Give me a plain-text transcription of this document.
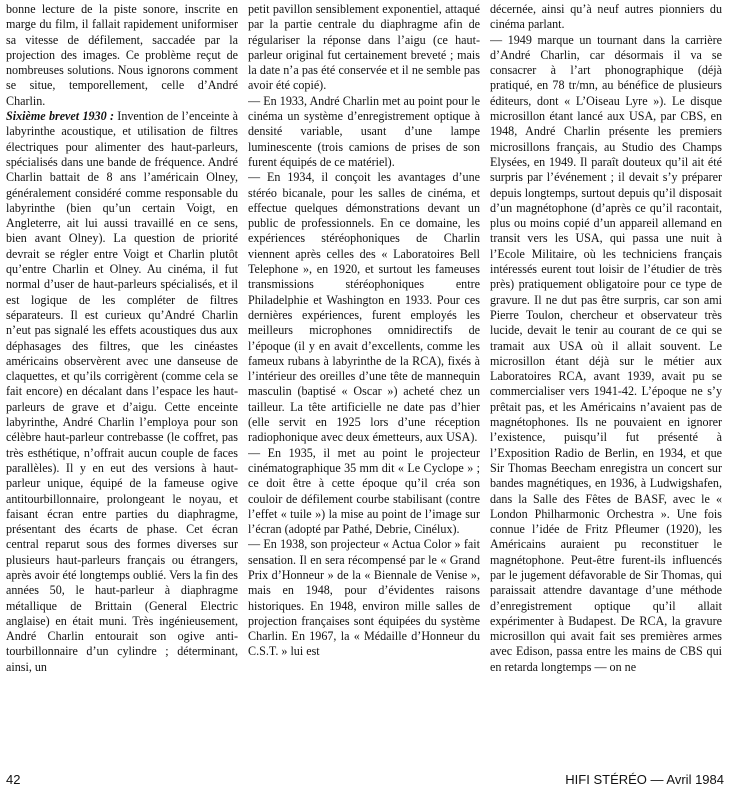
bonne lecture de la piste sonore, inscrite en marge du film, il fallait rapidement uniformiser sa vitesse de défilement, saccadée par la projection des images. Ce problème reçut de nombreuses solutions. Nous ignorons comment se situe, temporellement, celle d’André Charlin.

Sixième brevet 1930 : Invention de l’enceinte à labyrinthe acoustique, et utilisation de filtres électriques pour alimenter des haut-parleurs, spécialisés dans une bande de fréquence. André Charlin battait de 8 ans l’américain Olney, généralement considéré comme responsable du labyrinthe (bien qu’un certain Voigt, en Angleterre, ait lui aussi travaillé en ce sens, bien avant Olney). La question de priorité devrait se régler entre Voigt et Charlin plutôt qu’entre Charlin et Olney. Au cinéma, il fut normal d’user de haut-parleurs spécialisés, et il est logique de les compléter de filtres séparateurs. Il est curieux qu’André Charlin n’eut pas signalé les effets acoustiques dus aux déphasages des filtres, que les cinéastes américains observèrent avec une danseuse de claquettes, et qu’ils corrigèrent (comme cela se fait encore) en décalant dans l’espace les haut-parleurs de grave et d’aigu. Cette enceinte labyrinthe, André Charlin l’employa pour son célèbre haut-parleur contrebasse (le coffret, pas très esthétique, n’offrait aucun couple de faces parallèles). Il y en eut des versions à haut-parleur unique, équipé de la fameuse ogive antitourbillonnaire, prolongeant le noyau, et faisant écran entre parties du diaphragme, présentant des écarts de phase. Cet écran central reparut sous des formes diverses sur plusieurs haut-parleurs français ou étrangers, après avoir été longtemps oublié. Vers la fin des années 50, le haut-parleur à diaphragme métallique de Brittain (General Electric anglaise) en était muni. Très ingénieusement, André Charlin entourait son ogive anti-tourbillonnaire d’un cylindre ; déterminant, ainsi, un

petit pavillon sensiblement exponentiel, attaqué par la partie centrale du diaphragme afin de régulariser la réponse dans l’aigu (ce haut-parleur original fut certainement breveté ; mais la date n’a pas été conservée et il ne semble pas avoir été copié).

— En 1933, André Charlin met au point pour le cinéma un système d’enregistrement optique à densité variable, usant d’une lampe luminescente (trois camions de prises de son furent équipés de ce matériel).

— En 1934, il conçoit les avantages d’une stéréo bicanale, pour les salles de cinéma, et effectue quelques démonstrations devant un public de professionnels. En ce domaine, les expériences stéréophoniques de Charlin viennent après celles des « Laboratoires Bell Telephone », en 1920, et surtout les fameuses transmissions stéréophoniques entre Philadelphie et Washington en 1933. Pour ces dernières expériences, furent employés les meilleurs microphones omnidirectifs de l’époque (il y en avait d’excellents, comme les fameux rubans à labyrinthe de la RCA), fixés à l’intérieur des oreilles d’une tête de mannequin masculin (baptisé « Oscar ») acheté chez un tailleur. La tête artificielle ne date pas d’hier (elle servit en 1925 lors d’une réception radiophonique avec deux émetteurs, aux USA).

— En 1935, il met au point le projecteur cinématographique 35 mm dit « Le Cyclope » ; ce doit être à cette époque qu’il créa son couloir de défilement courbe stabilisant (contre l’effet « tuile ») la mise au point de l’image sur l’écran (adopté par Pathé, Debrie, Cinélux).

— En 1938, son projecteur « Actua Color » fait sensation. Il en sera récompensé par le « Grand Prix d’Honneur » de la « Biennale de Venise », mais en 1948, pour d’évidentes raisons historiques. En 1948, environ mille salles de projection françaises sont équipées du système Charlin. En 1967, la « Médaille d’Honneur du C.S.T. » lui est

décernée, ainsi qu’à neuf autres pionniers du cinéma parlant.

— 1949 marque un tournant dans la carrière d’André Charlin, car désormais il va se consacrer à l’art phonographique (déjà pratiqué, en 78 tr/mn, au bénéfice de plusieurs éditeurs, dont « L’Oiseau Lyre »). Le disque microsillon étant lancé aux USA, par CBS, en 1948, André Charlin présente les premiers microsillons français, au Studio des Champs Elysées, en 1949. Il paraît douteux qu’il ait été surpris par l’événement ; il devait s’y préparer depuis longtemps, surtout depuis qu’il disposait d’un magnétophone (d’après ce qu’il racontait, plus ou moins copié d’un appareil allemand en transit vers les USA, qui passa une nuit à l’Ecole Militaire, où les techniciens français intéressés eurent tout loisir de l’étudier de très près) pratiquement obligatoire pour ce type de gravure. Il ne dut pas être surpris, car son ami Pierre Toulon, chercheur et observateur très lucide, devait le tenir au courant de ce qui se tramait aux USA où il allait souvent. Le microsillon étant déjà sur le métier aux Laboratoires RCA, avant 1939, avait pu se commercialiser vers 1941-42. L’époque ne s’y prêtait pas, et les Américains n’avaient pas de magnétophones. Ils ne pouvaient en ignorer l’existence, puisqu’il fut présenté à l’Exposition Radio de Berlin, en 1934, et que Sir Thomas Beecham enregistra un concert sur bandes magnétiques, en 1936, à Ludwigshafen, dans la Salle des Fêtes de BASF, avec le « London Philharmonic Orchestra ». Une fois connue l’idée de Fritz Pfleumer (1920), les Américains auraient pu reconstituer le magnétophone. Peut-être furent-ils influencés par le jugement défavorable de Sir Thomas, qui paraissait attendre davantage d’une méthode d’enregistrement optique qu’il allait expérimenter à Budapest. De RCA, la gravure microsillon qui avait fait ses premières armes avec Edison, passa entre les mains de CBS qui en retarda longtemps — on ne

42	HIFI STÉRÉO — Avril 1984
